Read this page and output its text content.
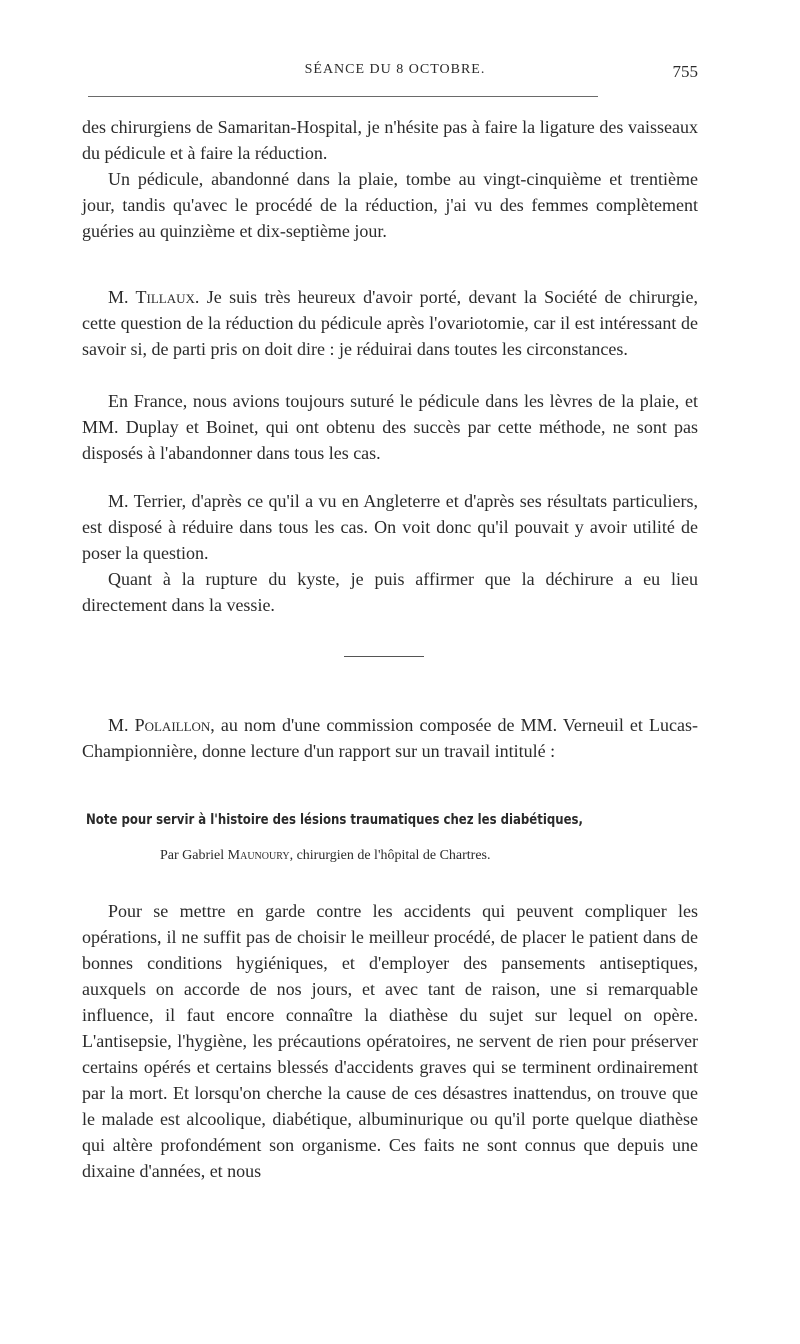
SÉANCE DU 8 OCTOBRE.	755

des chirurgiens de Samaritan-Hospital, je n'hésite pas à faire la ligature des vaisseaux du pédicule et à faire la réduction.

Un pédicule, abandonné dans la plaie, tombe au vingt-cinquième et trentième jour, tandis qu'avec le procédé de la réduction, j'ai vu des femmes complètement guéries au quinzième et dix-septième jour.

M. Tillaux. Je suis très heureux d'avoir porté, devant la Société de chirurgie, cette question de la réduction du pédicule après l'ovariotomie, car il est intéressant de savoir si, de parti pris on doit dire : je réduirai dans toutes les circonstances.

En France, nous avions toujours suturé le pédicule dans les lèvres de la plaie, et MM. Duplay et Boinet, qui ont obtenu des succès par cette méthode, ne sont pas disposés à l'abandonner dans tous les cas.

M. Terrier, d'après ce qu'il a vu en Angleterre et d'après ses résultats particuliers, est disposé à réduire dans tous les cas. On voit donc qu'il pouvait y avoir utilité de poser la question.

Quant à la rupture du kyste, je puis affirmer que la déchirure a eu lieu directement dans la vessie.

M. Polaillon, au nom d'une commission composée de MM. Verneuil et Lucas-Championnière, donne lecture d'un rapport sur un travail intitulé :

Note pour servir à l'histoire des lésions traumatiques chez les diabétiques,
Par Gabriel Maunoury, chirurgien de l'hôpital de Chartres.

Pour se mettre en garde contre les accidents qui peuvent compliquer les opérations, il ne suffit pas de choisir le meilleur procédé, de placer le patient dans de bonnes conditions hygiéniques, et d'employer des pansements antiseptiques, auxquels on accorde de nos jours, et avec tant de raison, une si remarquable influence, il faut encore connaître la diathèse du sujet sur lequel on opère. L'antisepsie, l'hygiène, les précautions opératoires, ne servent de rien pour préserver certains opérés et certains blessés d'accidents graves qui se terminent ordinairement par la mort. Et lorsqu'on cherche la cause de ces désastres inattendus, on trouve que le malade est alcoolique, diabétique, albuminurique ou qu'il porte quelque diathèse qui altère profondément son organisme. Ces faits ne sont connus que depuis une dixaine d'années, et nous
